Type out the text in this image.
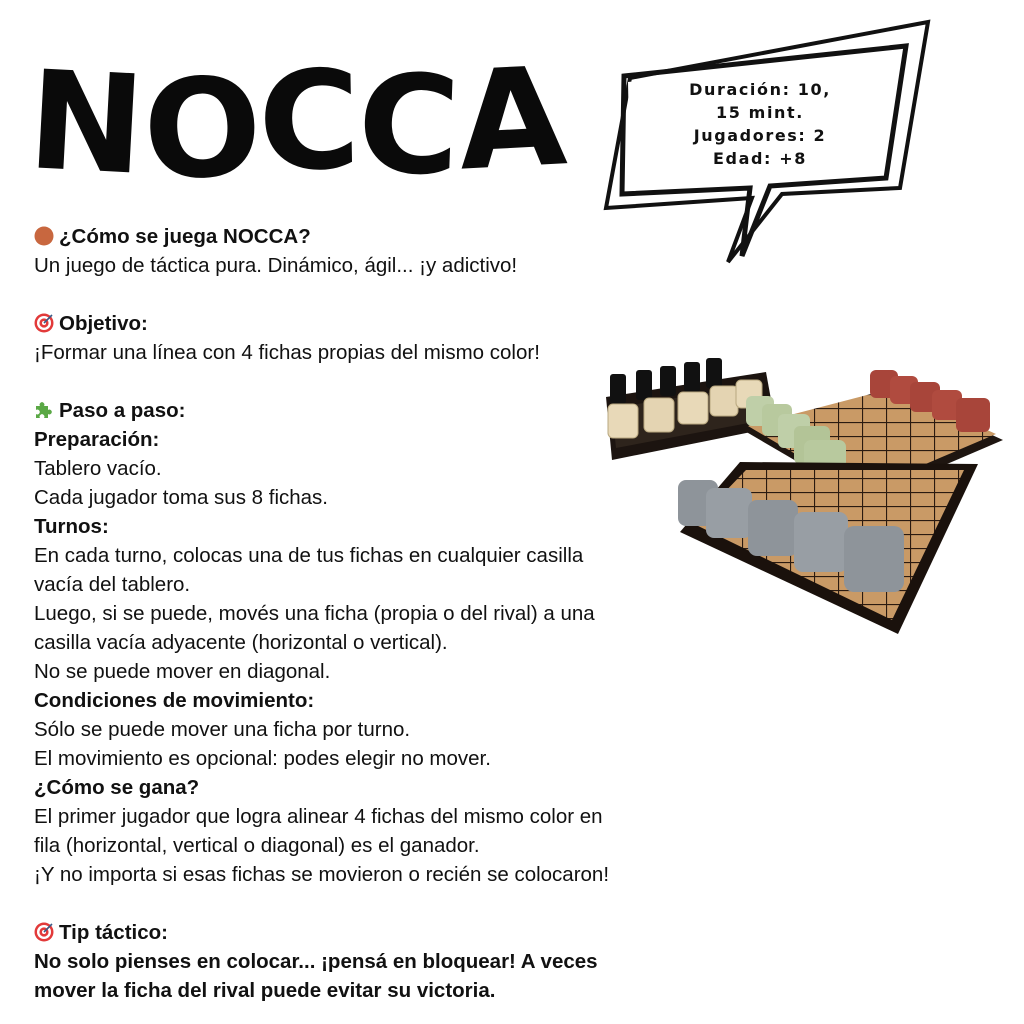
NOCCA	Duración: 10,
15 mint.
Jugadores: 2
Edad: +8
¿Cómo se juega NOCCA?
Un juego de táctica pura. Dinámico, ágil... ¡y adictivo!
Objetivo:
¡Formar una línea con 4 fichas propias del mismo color!
Paso a paso:
Preparación:
Tablero vacío.
Cada jugador toma sus 8 fichas.
Turnos:
En cada turno, colocas una de tus fichas en cualquier casilla
vacía del tablero.
Luego, si se puede, movés una ficha (propia o del rival) a una
casilla vacía adyacente (horizontal o vertical).
No se puede mover en diagonal.
Condiciones de movimiento:
Sólo se puede mover una ficha por turno.
El movimiento es opcional: podes elegir no mover.
¿Cómo se gana?
El primer jugador que logra alinear 4 fichas del mismo color en
fila (horizontal, vertical o diagonal) es el ganador.
¡Y no importa si esas fichas se movieron o recién se colocaron!
Tip táctico:
No solo pienses en colocar... ¡pensá en bloquear! A veces
mover la ficha del rival puede evitar su victoria.
